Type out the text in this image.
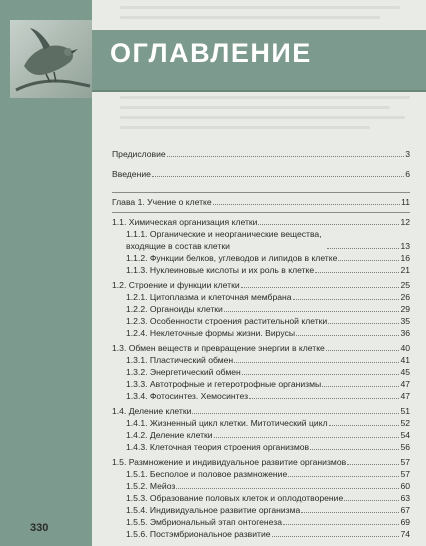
ОГЛАВЛЕНИЕ
Предисловие	3
Введение	6
Глава 1. Учение о клетке	11
1.1. Химическая организация клетки	12
1.1.1. Органические и неорганические вещества, входящие в состав клетки	13
1.1.2. Функции белков, углеводов и липидов в клетке	16
1.1.3. Нуклеиновые кислоты и их роль в клетке	21
1.2. Строение и функции клетки	25
1.2.1. Цитоплазма и клеточная мембрана	26
1.2.2. Органоиды клетки	29
1.2.3. Особенности строения растительной клетки	35
1.2.4. Неклеточные формы жизни. Вирусы	36
1.3. Обмен веществ и превращение энергии в клетке	40
1.3.1. Пластический обмен	41
1.3.2. Энергетический обмен	45
1.3.3. Автотрофные и гетеротрофные организмы	47
1.3.4. Фотосинтез. Хемосинтез	47
1.4. Деление клетки	51
1.4.1. Жизненный цикл клетки. Митотический цикл	52
1.4.2. Деление клетки	54
1.4.3. Клеточная теория строения организмов	56
1.5. Размножение и индивидуальное развитие организмов	57
1.5.1. Бесполое и половое размножение	57
1.5.2. Мейоз	60
1.5.3. Образование половых клеток и оплодотворение	63
1.5.4. Индивидуальное развитие организма	67
1.5.5. Эмбриональный этап онтогенеза	69
1.5.6. Постэмбриональное развитие	74
330
